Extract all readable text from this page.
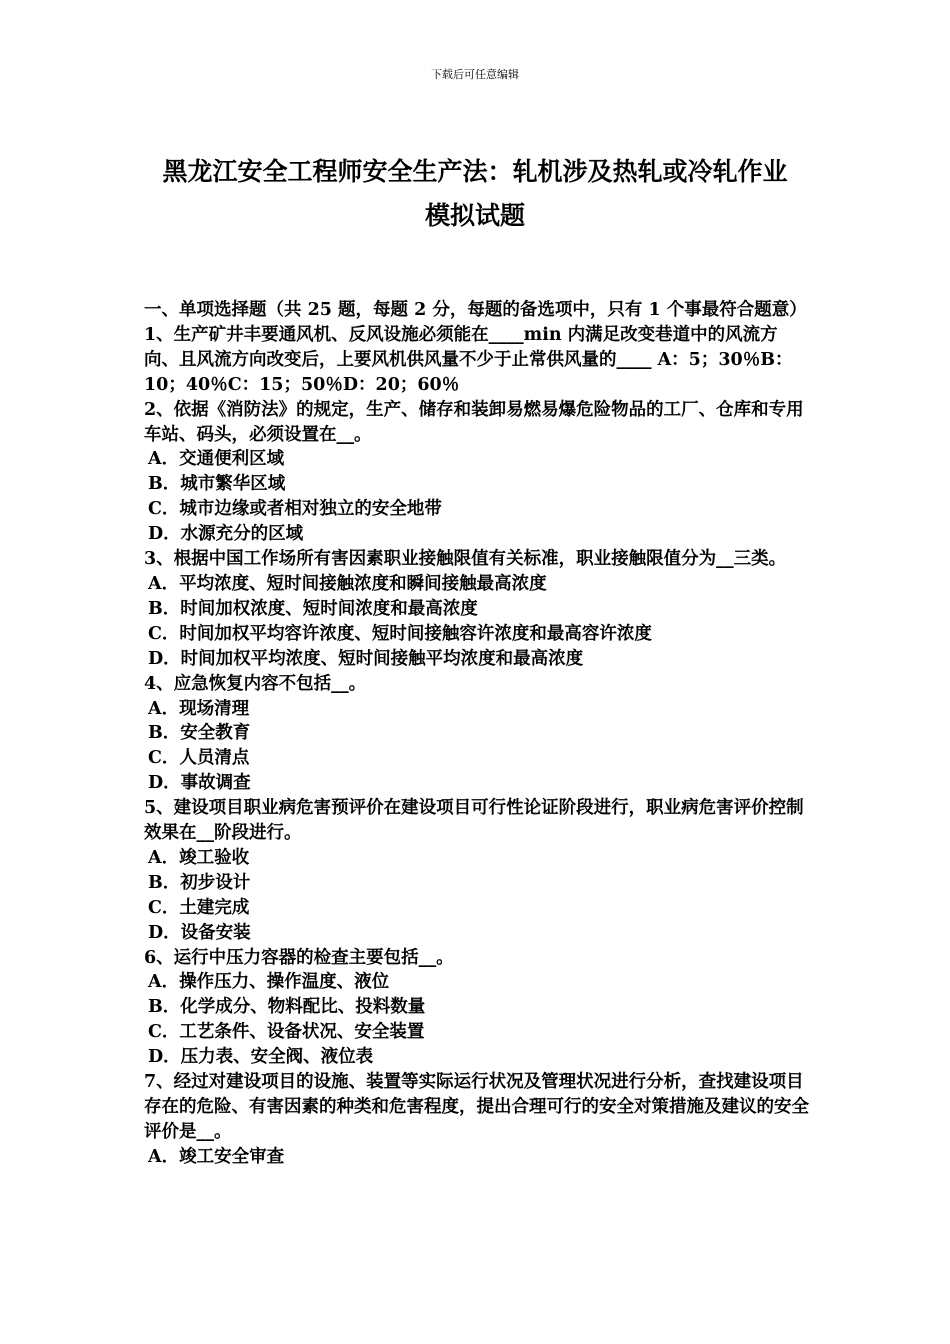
下载后可任意编辑
黑龙江安全工程师安全生产法：轧机涉及热轧或冷轧作业
模拟试题

一、单项选择题（共 25 题，每题 2 分，每题的备选项中，只有 1 个事最符合题意）

1、生产矿井丰要通风机、反风设施必须能在____min 内满足改变巷道中的风流方向、且风流方向改变后，上要风机供风量不少于止常供风量的____ A：5；30％B：10；40％C：15；50％D：20；60％

2、依据《消防法》的规定，生产、储存和装卸易燃易爆危险物品的工厂、仓库和专用车站、码头，必须设置在__。

A．交通便利区域

B．城市繁华区域

C．城市边缘或者相对独立的安全地带

D．水源充分的区域

3、根据中国工作场所有害因素职业接触限值有关标准，职业接触限值分为__三类。

A．平均浓度、短时间接触浓度和瞬间接触最高浓度

B．时间加权浓度、短时间浓度和最高浓度

C．时间加权平均容许浓度、短时间接触容许浓度和最高容许浓度

D．时间加权平均浓度、短时间接触平均浓度和最高浓度

4、应急恢复内容不包括__。

A．现场清理

B．安全教育

C．人员清点

D．事故调查

5、建设项目职业病危害预评价在建设项目可行性论证阶段进行，职业病危害评价控制效果在__阶段进行。

A．竣工验收

B．初步设计

C．土建完成

D．设备安装

6、运行中压力容器的检查主要包括__。

A．操作压力、操作温度、液位

B．化学成分、物料配比、投料数量

C．工艺条件、设备状况、安全装置

D．压力表、安全阀、液位表

7、经过对建设项目的设施、装置等实际运行状况及管理状况进行分析，查找建设项目存在的危险、有害因素的种类和危害程度，提出合理可行的安全对策措施及建议的安全评价是__。

A．竣工安全审查
